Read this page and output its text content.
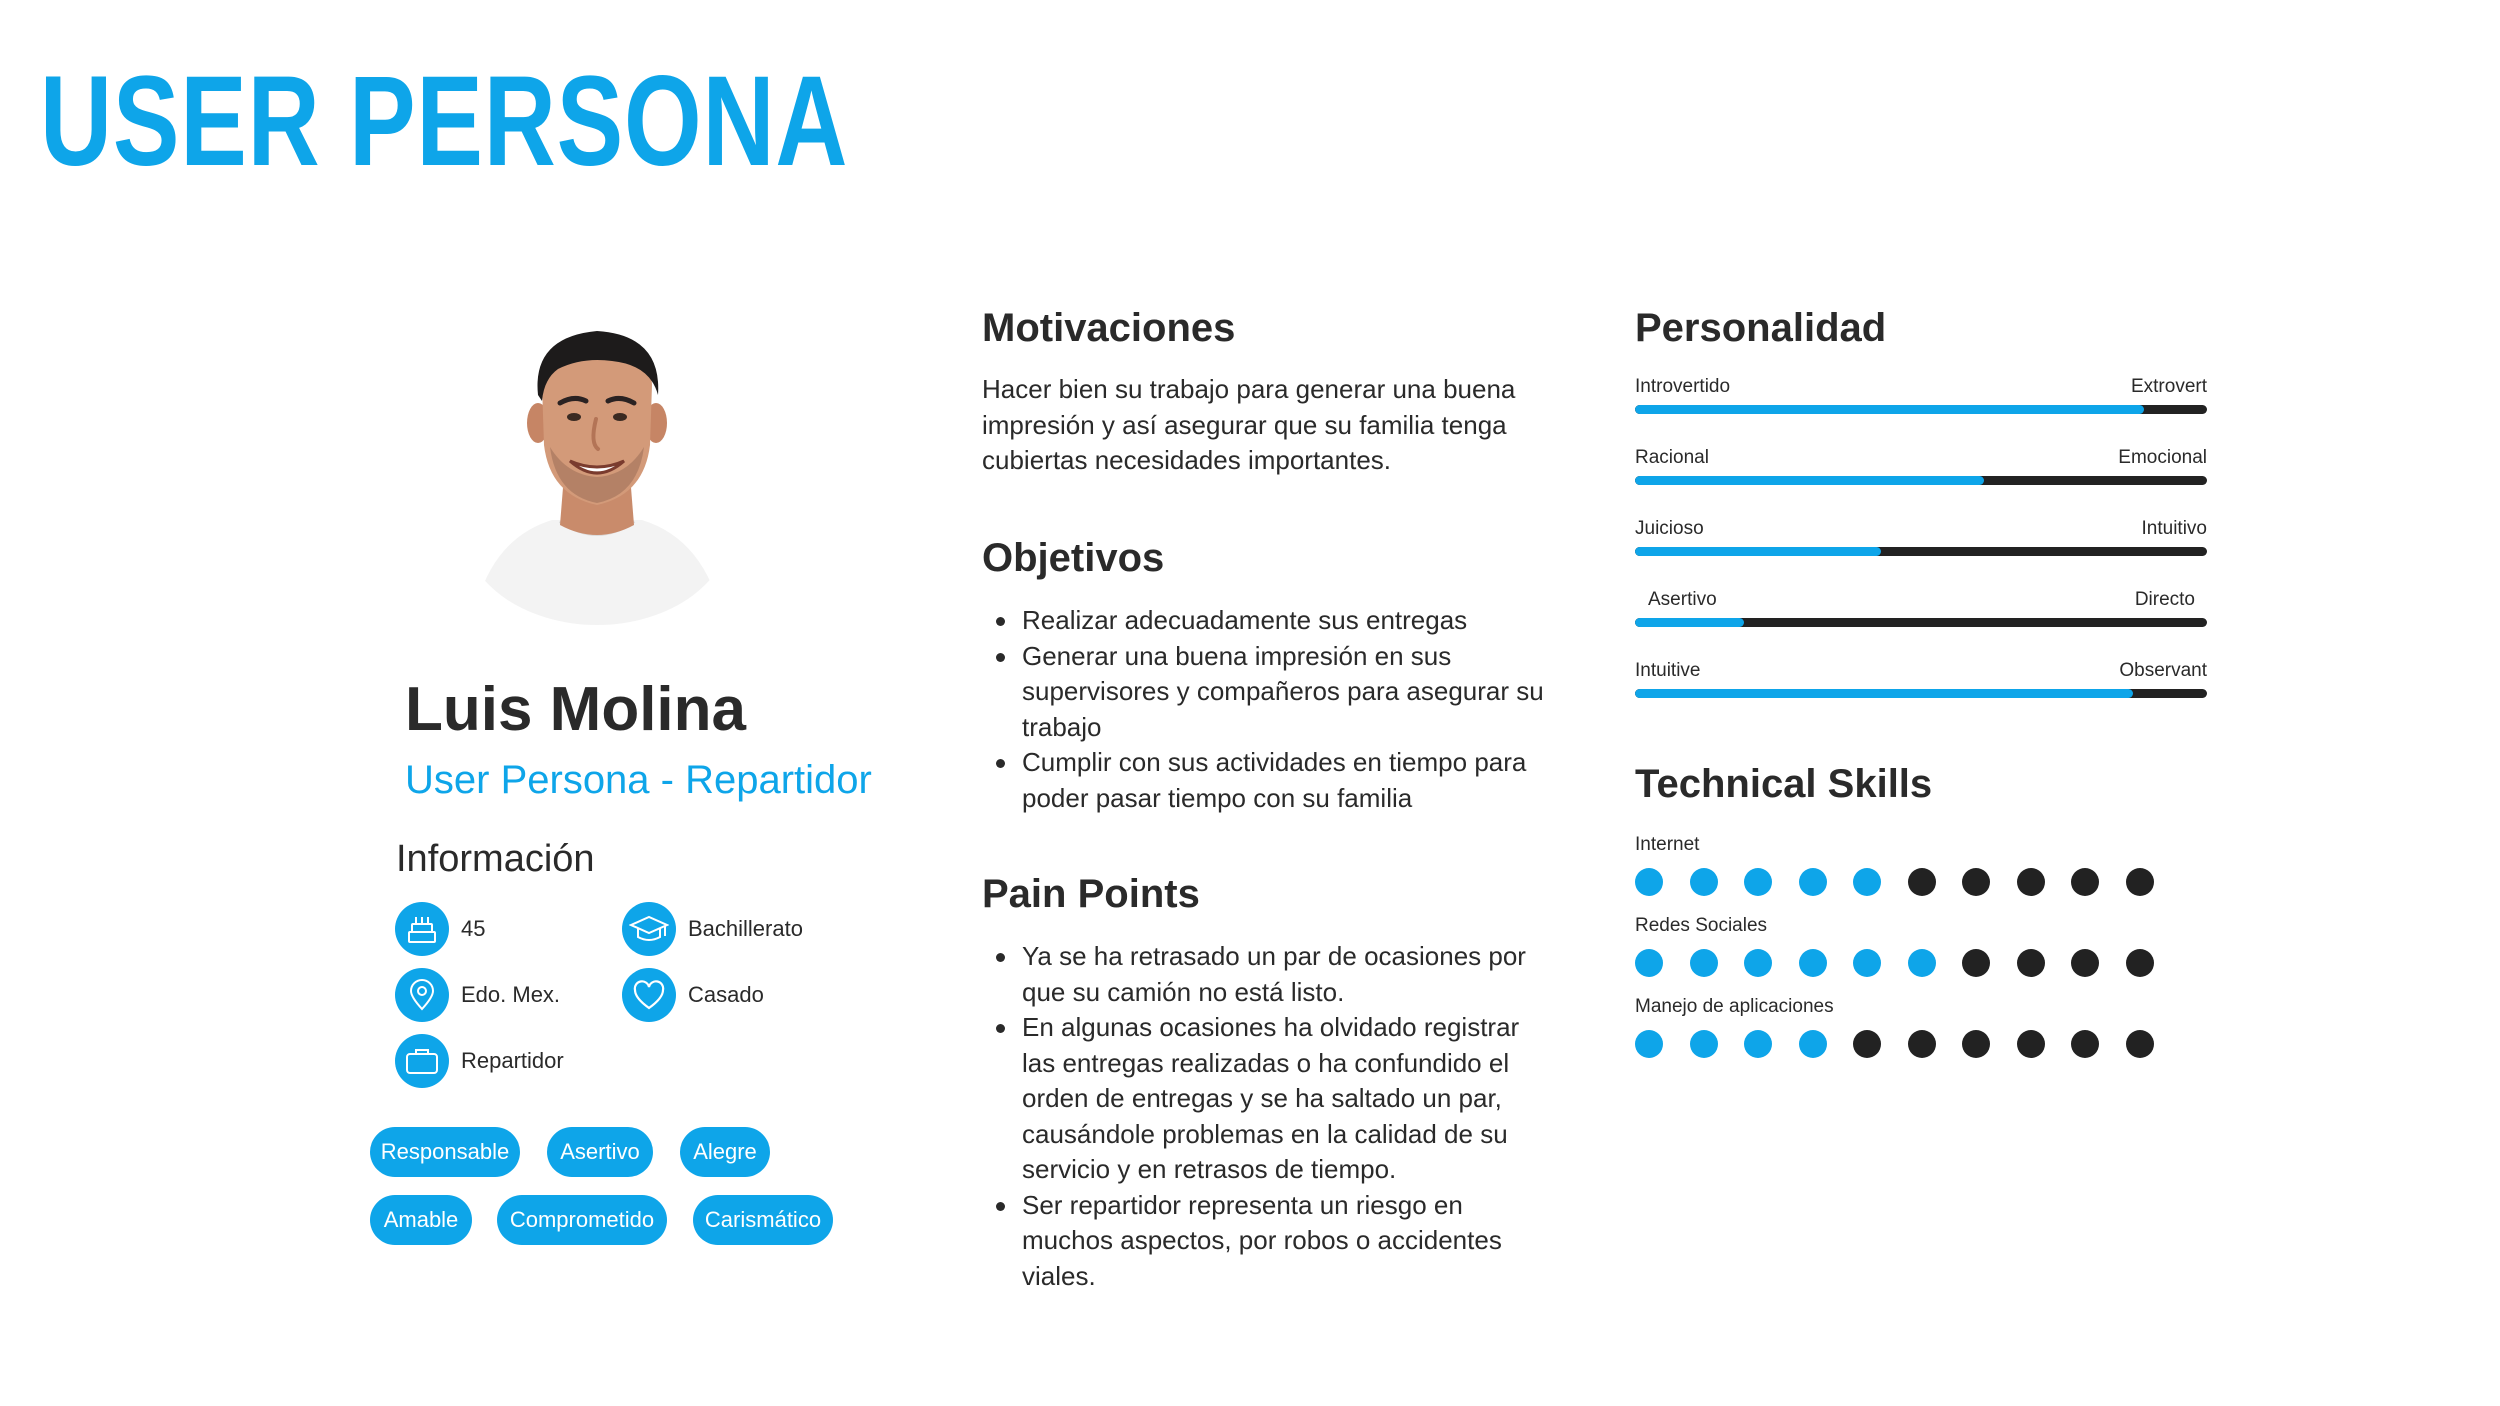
USER PERSONA
Luis Molina
User Persona - Repartidor
Información
45	Bachillerato
Edo. Mex.	Casado
Repartidor
Responsable	Asertivo	Alegre
Amable	Comprometido	Carismático
Motivaciones
Hacer bien su trabajo para generar una buena impresión y así asegurar que su familia tenga cubiertas necesidades importantes.
Objetivos
Realizar adecuadamente sus entregas
Generar una buena impresión en sus supervisores y compañeros para asegurar su trabajo
Cumplir con sus actividades en tiempo para poder pasar tiempo con su familia
Pain Points
Ya se ha retrasado un par de ocasiones por que su camión no está listo.
En algunas ocasiones ha olvidado registrar las entregas realizadas o ha confundido el orden de entregas y se ha saltado un par, causándole problemas en la calidad de su servicio y en retrasos de tiempo.
Ser repartidor representa un riesgo en muchos aspectos, por robos o accidentes viales.
Personalidad
Introvertido	Extrovert
Racional	Emocional
Juicioso	Intuitivo
Asertivo	Directo
Intuitive	Observant
Technical Skills
Internet
Redes Sociales
Manejo de aplicaciones
